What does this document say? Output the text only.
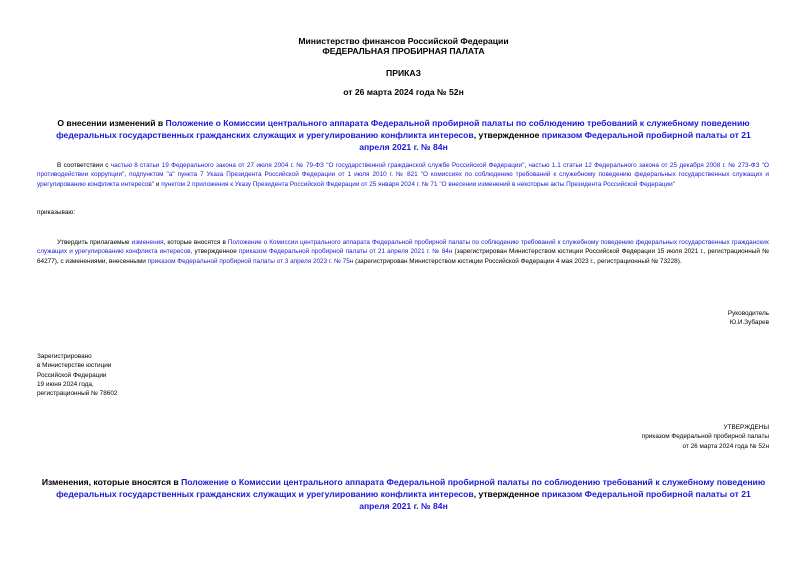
Министерство финансов Российской Федерации
ФЕДЕРАЛЬНАЯ ПРОБИРНАЯ ПАЛАТА
ПРИКАЗ
от 26 марта 2024 года № 52н
О внесении изменений в Положение о Комиссии центрального аппарата Федеральной пробирной палаты по соблюдению требований к служебному поведению федеральных государственных гражданских служащих и урегулированию конфликта интересов, утвержденное приказом Федеральной пробирной палаты от 21 апреля 2021 г. № 84н
В соответствии с частью 8 статьи 19 Федерального закона от 27 июля 2004 г. № 79-ФЗ "О государственной гражданской службе Российской Федерации", частью 1.1 статьи 12 Федерального закона от 25 декабря 2008 г. № 273-ФЗ "О противодействии коррупции", подпунктом "а" пункта 7 Указа Президента Российской Федерации от 1 июля 2010 г. № 821 "О комиссиях по соблюдению требований к служебному поведению федеральных государственных служащих и урегулированию конфликта интересов" и пунктом 2 приложения к Указу Президента Российской Федерации от 25 января 2024 г. № 71 "О внесении изменений в некоторые акты Президента Российской Федерации"
приказываю:
Утвердить прилагаемые изменения, которые вносятся в Положение о Комиссии центрального аппарата Федеральной пробирной палаты по соблюдению требований к служебному поведению федеральных государственных гражданских служащих и урегулированию конфликта интересов, утвержденное приказом Федеральной пробирной палаты от 21 апреля 2021 г. № 84н (зарегистрирован Министерством юстиции Российской Федерации 15 июля 2021 г., регистрационный № 64277), с изменениями, внесенными приказом Федеральной пробирной палаты от 3 апреля 2023 г. № 75н (зарегистрирован Министерством юстиции Российской Федерации 4 мая 2023 г., регистрационный № 73228).
Руководитель
Ю.И.Зубарев
Зарегистрировано
в Министерстве юстиции
Российской Федерации
19 июня 2024 года,
регистрационный № 78602
УТВЕРЖДЕНЫ
приказом Федеральной пробирной палаты
от 26 марта 2024 года № 52н
Изменения, которые вносятся в Положение о Комиссии центрального аппарата Федеральной пробирной палаты по соблюдению требований к служебному поведению федеральных государственных гражданских служащих и урегулированию конфликта интересов, утвержденное приказом Федеральной пробирной палаты от 21 апреля 2021 г. № 84н
